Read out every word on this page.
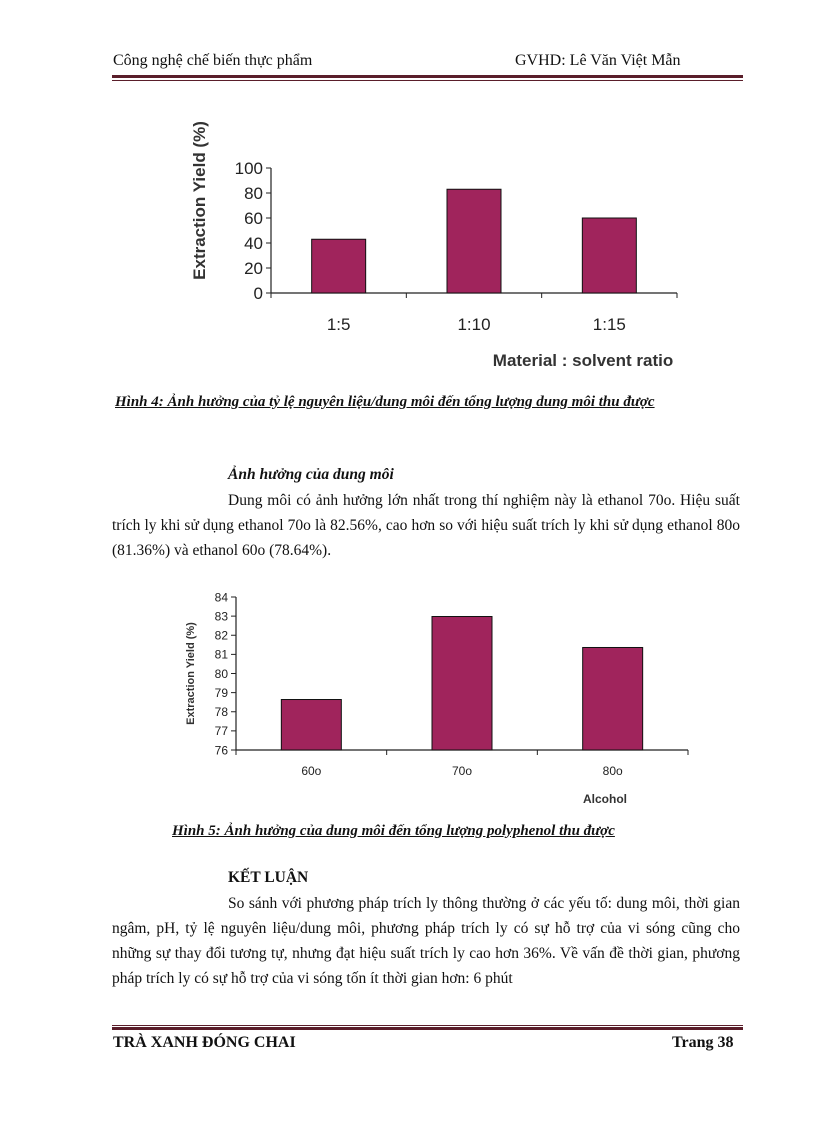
Công nghệ chế biến thực phẩm	GVHD: Lê Văn Việt Mẫn
0
20
40
60
80
100
1:5	1:10	1:15
Extraction Yield (%)
Material : solvent ratio
Hình 4: Ảnh hưởng của tỷ lệ nguyên liệu/dung môi đến tổng lượng dung môi thu được
Ảnh hưởng của dung môi
Dung môi có ảnh hưởng lớn nhất trong thí nghiệm này là ethanol 70o. Hiệu suất trích ly khi sử dụng ethanol 70o là 82.56%, cao hơn so với hiệu suất trích ly khi sử dụng ethanol 80o (81.36%) và ethanol 60o (78.64%).
76
77
78
79
80
81
82
83
84
60o	70o	80o
Extraction Yield (%)
Alcohol
Hình 5: Ảnh hưởng của dung môi đến tổng lượng polyphenol thu được
KẾT LUẬN
So sánh với phương pháp trích ly thông thường ở các yếu tố: dung môi, thời gian ngâm, pH, tỷ lệ nguyên liệu/dung môi, phương pháp trích ly có sự hỗ trợ của vi sóng cũng cho những sự thay đổi tương tự, nhưng đạt hiệu suất trích ly cao hơn 36%. Về vấn đề thời gian, phương pháp trích ly có sự hỗ trợ của vi sóng tốn ít thời gian hơn: 6 phút
TRÀ XANH ĐÓNG CHAI	Trang 38
